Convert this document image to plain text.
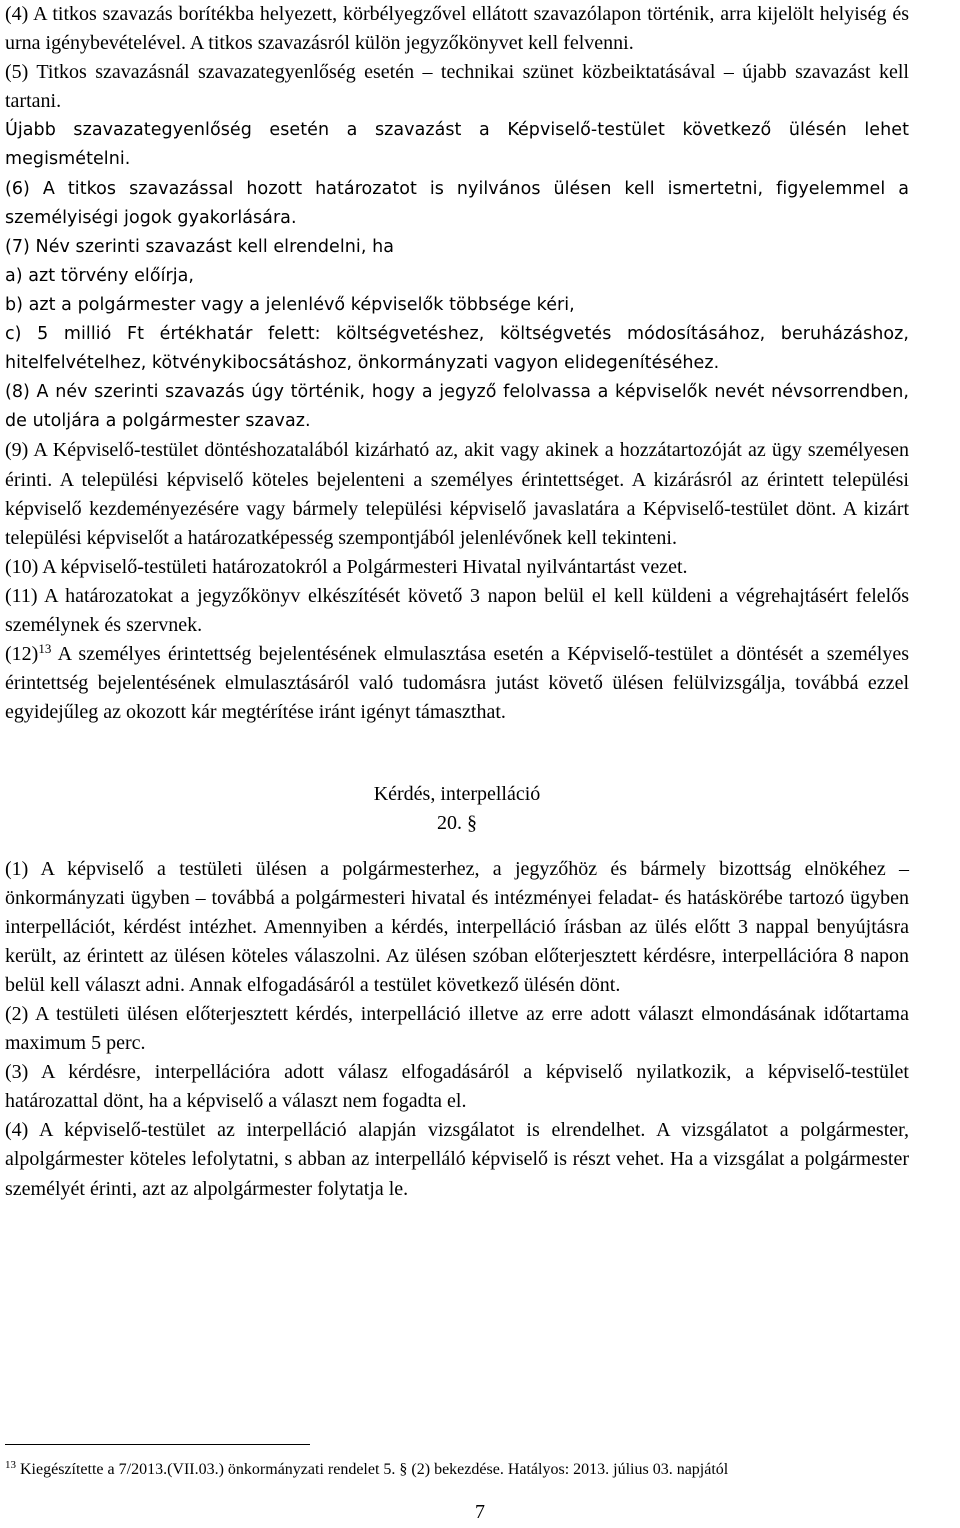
(4) A titkos szavazás borítékba helyezett, körbélyegzővel ellátott szavazólapon történik, arra kijelölt helyiség és urna igénybevételével. A titkos szavazásról külön jegyzőkönyvet kell felvenni.

(5) Titkos szavazásnál szavazategyenlőség esetén – technikai szünet közbeiktatásával – újabb szavazást kell tartani.

Újabb szavazategyenlőség esetén a szavazást a Képviselő-testület következő ülésén lehet megismételni.

(6) A titkos szavazással hozott határozatot is nyilvános ülésen kell ismertetni, figyelemmel a személyiségi jogok gyakorlására.

(7) Név szerinti szavazást kell elrendelni, ha

a) azt törvény előírja,

b) azt a polgármester vagy a jelenlévő képviselők többsége kéri,

c) 5 millió Ft értékhatár felett: költségvetéshez, költségvetés módosításához, beruházáshoz, hitelfelvételhez, kötvénykibocsátáshoz, önkormányzati vagyon elidegenítéséhez.

(8) A név szerinti szavazás úgy történik, hogy a jegyző felolvassa a képviselők nevét névsorrendben, de utoljára a polgármester szavaz.

(9) A Képviselő-testület döntéshozatalából kizárható az, akit vagy akinek a hozzátartozóját az ügy személyesen érinti. A települési képviselő köteles bejelenteni a személyes érintettséget. A kizárásról az érintett települési képviselő kezdeményezésére vagy bármely települési képviselő javaslatára a Képviselő-testület dönt. A kizárt települési képviselőt a határozatképesség szempontjából jelenlévőnek kell tekinteni.

(10) A képviselő-testületi határozatokról a Polgármesteri Hivatal nyilvántartást vezet.

(11) A határozatokat a jegyzőkönyv elkészítését követő 3 napon belül el kell küldeni a végrehajtásért felelős személynek és szervnek.

$(12)^{13}$ A személyes érintettség bejelentésének elmulasztása esetén a Képviselő-testület a döntését a személyes érintettség bejelentésének elmulasztásáról való tudomásra jutást követő ülésen felülvizsgálja, továbbá ezzel egyidejűleg az okozott kár megtérítése iránt igényt támaszthat.

Kérdés, interpelláció

20. §

(1) A képviselő a testületi ülésen a polgármesterhez, a jegyzőhöz és bármely bizottság elnökéhez – önkormányzati ügyben – továbbá a polgármesteri hivatal és intézményei feladat- és hatáskörébe tartozó ügyben interpellációt, kérdést intézhet. Amennyiben a kérdés, interpelláció írásban az ülés előtt 3 nappal benyújtásra került, az érintett az ülésen köteles válaszolni. Az ülésen szóban előterjesztett kérdésre, interpellációra 8 napon belül kell választ adni. Annak elfogadásáról a testület következő ülésén dönt.

(2) A testületi ülésen előterjesztett kérdés, interpelláció illetve az erre adott választ elmondásának időtartama maximum 5 perc.

(3) A kérdésre, interpellációra adott válasz elfogadásáról a képviselő nyilatkozik, a képviselő-testület határozattal dönt, ha a képviselő a választ nem fogadta el.

(4) A képviselő-testület az interpelláció alapján vizsgálatot is elrendelhet. A vizsgálatot a polgármester, alpolgármester köteles lefolytatni, s abban az interpelláló képviselő is részt vehet. Ha a vizsgálat a polgármester személyét érinti, azt az alpolgármester folytatja le.

$^{13}$ Kiegészítette a 7/2013.(VII.03.) önkormányzati rendelet 5. § (2) bekezdése. Hatályos: 2013. július 03. napjától
7
